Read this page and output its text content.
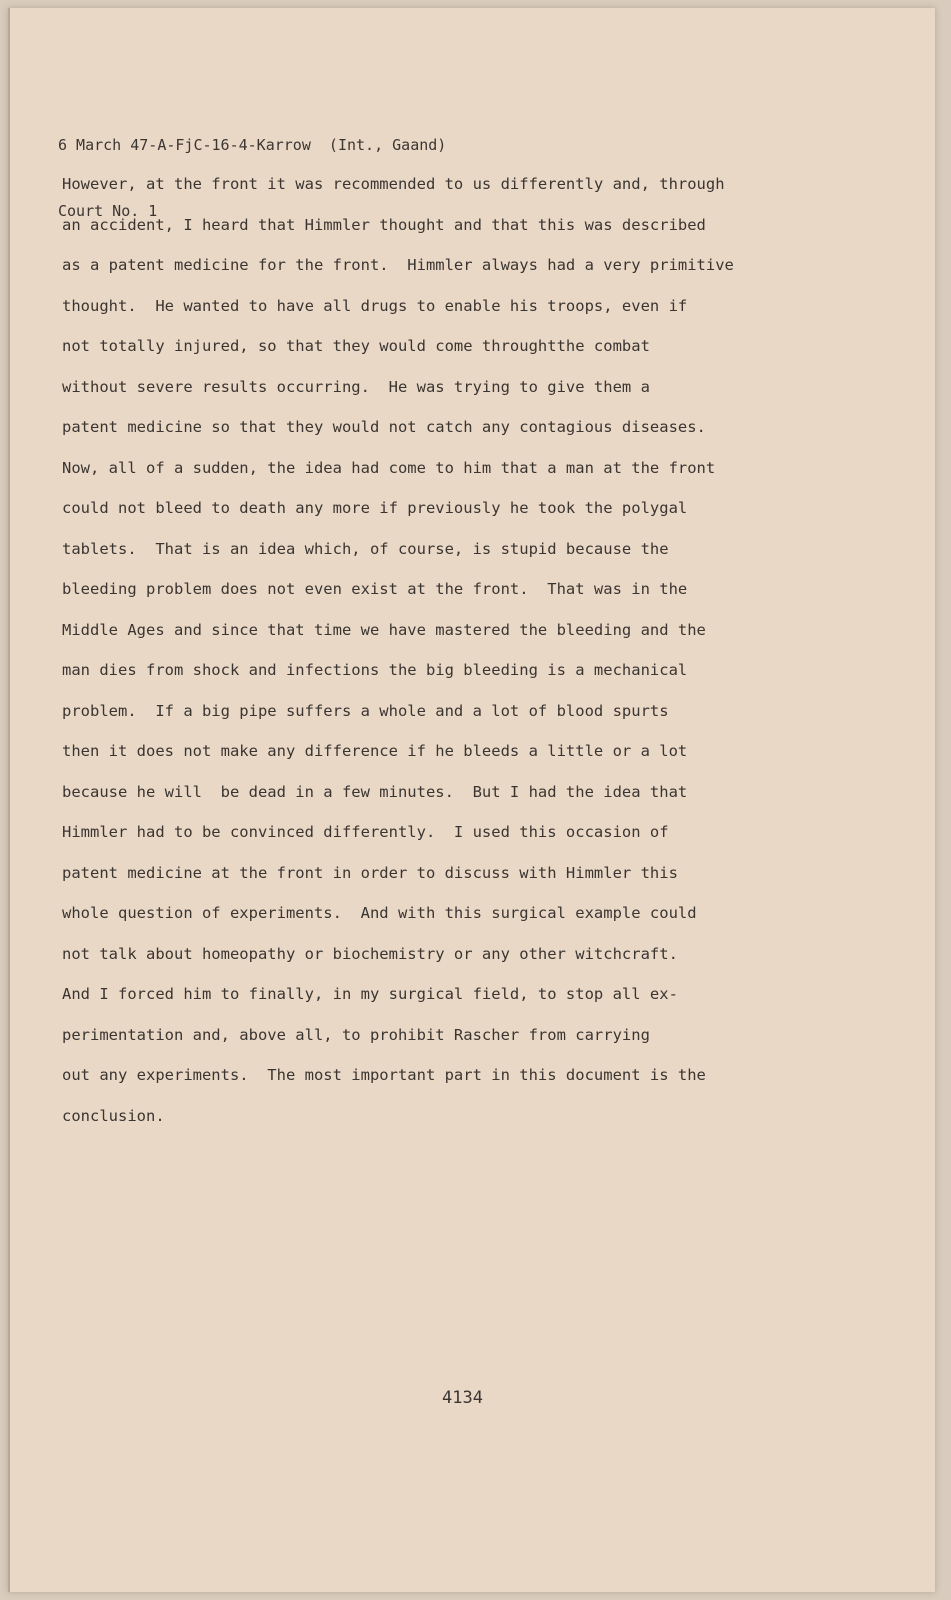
6 March 47-A-FjC-16-4-Karrow  (Int., Gaand)

Court No. 1

However, at the front it was recommended to us differently and, through
an accident, I heard that Himmler thought and that this was described
as a patent medicine for the front.  Himmler always had a very primitive
thought.  He wanted to have all drugs to enable his troops, even if
not totally injured, so that they would come throughtthe combat
without severe results occurring.  He was trying to give them a
patent medicine so that they would not catch any contagious diseases.
Now, all of a sudden, the idea had come to him that a man at the front
could not bleed to death any more if previously he took the polygal
tablets.  That is an idea which, of course, is stupid because the
bleeding problem does not even exist at the front.  That was in the
Middle Ages and since that time we have mastered the bleeding and the
man dies from shock and infections the big bleeding is a mechanical
problem.  If a big pipe suffers a whole and a lot of blood spurts
then it does not make any difference if he bleeds a little or a lot
because he will  be dead in a few minutes.  But I had the idea that
Himmler had to be convinced differently.  I used this occasion of
patent medicine at the front in order to discuss with Himmler this
whole question of experiments.  And with this surgical example could
not talk about homeopathy or biochemistry or any other witchcraft.
And I forced him to finally, in my surgical field, to stop all ex-
perimentation and, above all, to prohibit Rascher from carrying
out any experiments.  The most important part in this document is the
conclusion.
4134
